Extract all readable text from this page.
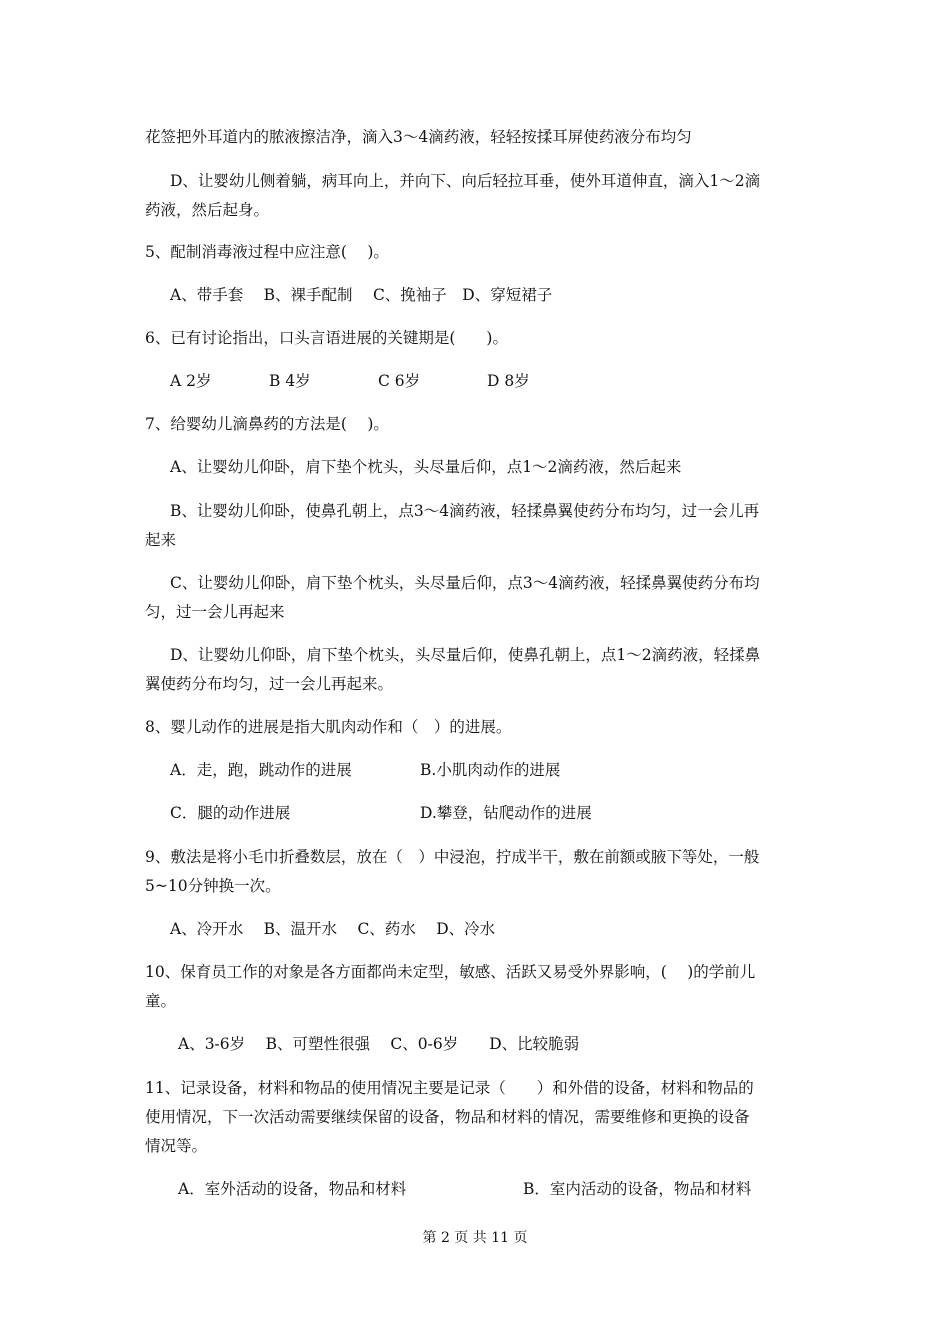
花签把外耳道内的脓液擦洁净，滴入3～4滴药液，轻轻按揉耳屏使药液分布均匀

D、让婴幼儿侧着躺，病耳向上，并向下、向后轻拉耳垂，使外耳道伸直，滴入1～2滴

药液，然后起身。

5、配制消毒液过程中应注意(　 )。

A、带手套　 B、裸手配制　 C、挽袖子　D、穿短裙子

6、已有讨论指出，口头言语进展的关键期是(　　)。

A 2岁	B 4岁	C 6岁	D 8岁

7、给婴幼儿滴鼻药的方法是(　 )。

A、让婴幼儿仰卧，肩下垫个枕头，头尽量后仰，点1～2滴药液，然后起来

B、让婴幼儿仰卧，使鼻孔朝上，点3～4滴药液，轻揉鼻翼使药分布均匀，过一会儿再

起来

C、让婴幼儿仰卧，肩下垫个枕头，头尽量后仰，点3～4滴药液，轻揉鼻翼使药分布均

匀，过一会儿再起来

D、让婴幼儿仰卧，肩下垫个枕头，头尽量后仰，使鼻孔朝上，点1～2滴药液，轻揉鼻

翼使药分布均匀，过一会儿再起来。

8、婴儿动作的进展是指大肌肉动作和（　）的进展。

A．走，跑，跳动作的进展	B.小肌肉动作的进展
C．腿的动作进展	D.攀登，钻爬动作的进展

9、敷法是将小毛巾折叠数层，放在（　）中浸泡，拧成半干，敷在前额或腋下等处，一般

5~10分钟换一次。

A、冷开水　 B、温开水　 C、药水　 D、冷水

10、保育员工作的对象是各方面都尚未定型，敏感、活跃又易受外界影响，(　 )的学前儿

童。

A、3-6岁　 B、可塑性很强　 C、0-6岁　　D、比较脆弱

11、记录设备，材料和物品的使用情况主要是记录（　　）和外借的设备，材料和物品的

使用情况，下一次活动需要继续保留的设备，物品和材料的情况，需要维修和更换的设备

情况等。

A．室外活动的设备，物品和材料	B．室内活动的设备，物品和材料
第 2 页 共 11 页
